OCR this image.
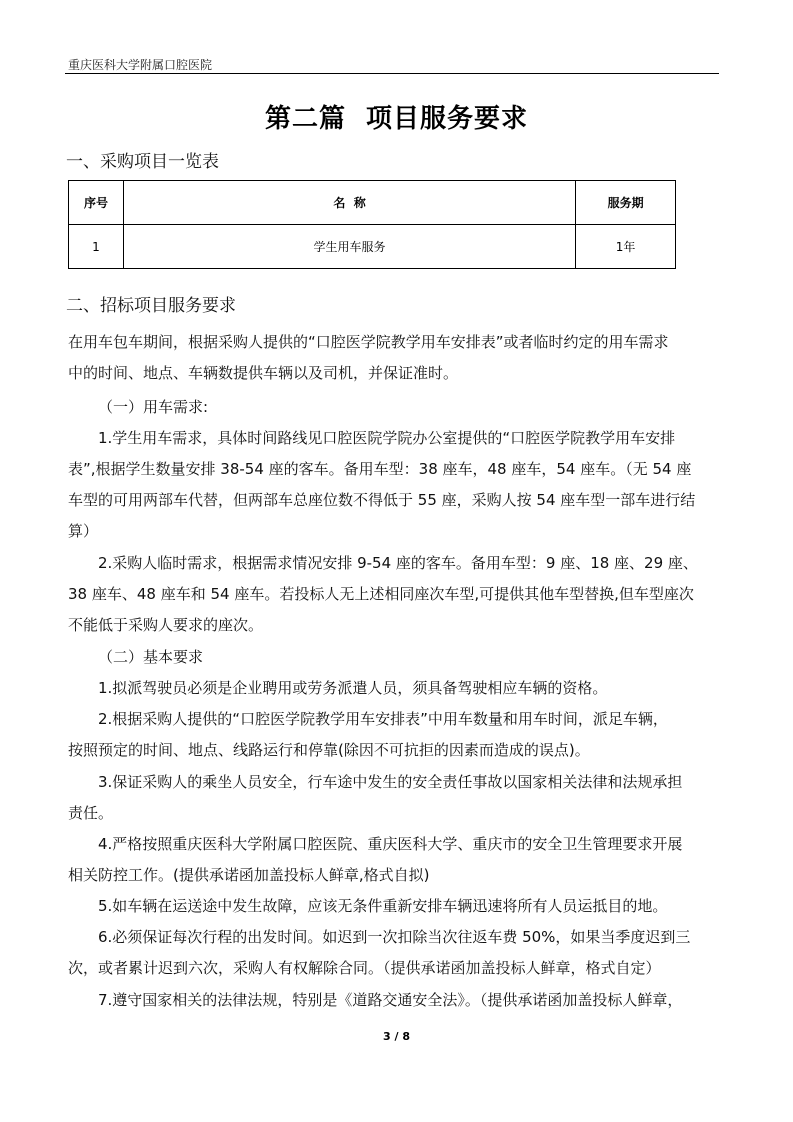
重庆医科大学附属口腔医院
第二篇  项目服务要求
一、采购项目一览表
序号	名  称	服务期
1	学生用车服务	1年
二、招标项目服务要求
在用车包车期间，根据采购人提供的“口腔医学院教学用车安排表”或者临时约定的用车需求
中的时间、地点、车辆数提供车辆以及司机，并保证准时。
（一）用车需求:
1.学生用车需求，具体时间路线见口腔医院学院办公室提供的“口腔医学院教学用车安排
表”,根据学生数量安排 38-54 座的客车。备用车型：38 座车，48 座车，54 座车。（无 54 座
车型的可用两部车代替，但两部车总座位数不得低于 55 座，采购人按 54 座车型一部车进行结
算）
2.采购人临时需求，根据需求情况安排 9-54 座的客车。备用车型：9 座、18 座、29 座、
38 座车、48 座车和 54 座车。若投标人无上述相同座次车型,可提供其他车型替换,但车型座次
不能低于采购人要求的座次。
（二）基本要求
1.拟派驾驶员必须是企业聘用或劳务派遣人员，须具备驾驶相应车辆的资格。
2.根据采购人提供的“口腔医学院教学用车安排表”中用车数量和用车时间，派足车辆，
按照预定的时间、地点、线路运行和停靠(除因不可抗拒的因素而造成的误点)。
3.保证采购人的乘坐人员安全，行车途中发生的安全责任事故以国家相关法律和法规承担
责任。
4.严格按照重庆医科大学附属口腔医院、重庆医科大学、重庆市的安全卫生管理要求开展
相关防控工作。(提供承诺函加盖投标人鲜章,格式自拟)
5.如车辆在运送途中发生故障，应该无条件重新安排车辆迅速将所有人员运抵目的地。
6.必须保证每次行程的出发时间。如迟到一次扣除当次往返车费 50%，如果当季度迟到三
次，或者累计迟到六次，采购人有权解除合同。（提供承诺函加盖投标人鲜章，格式自定）
7.遵守国家相关的法律法规，特别是《道路交通安全法》。（提供承诺函加盖投标人鲜章，
3 / 8
